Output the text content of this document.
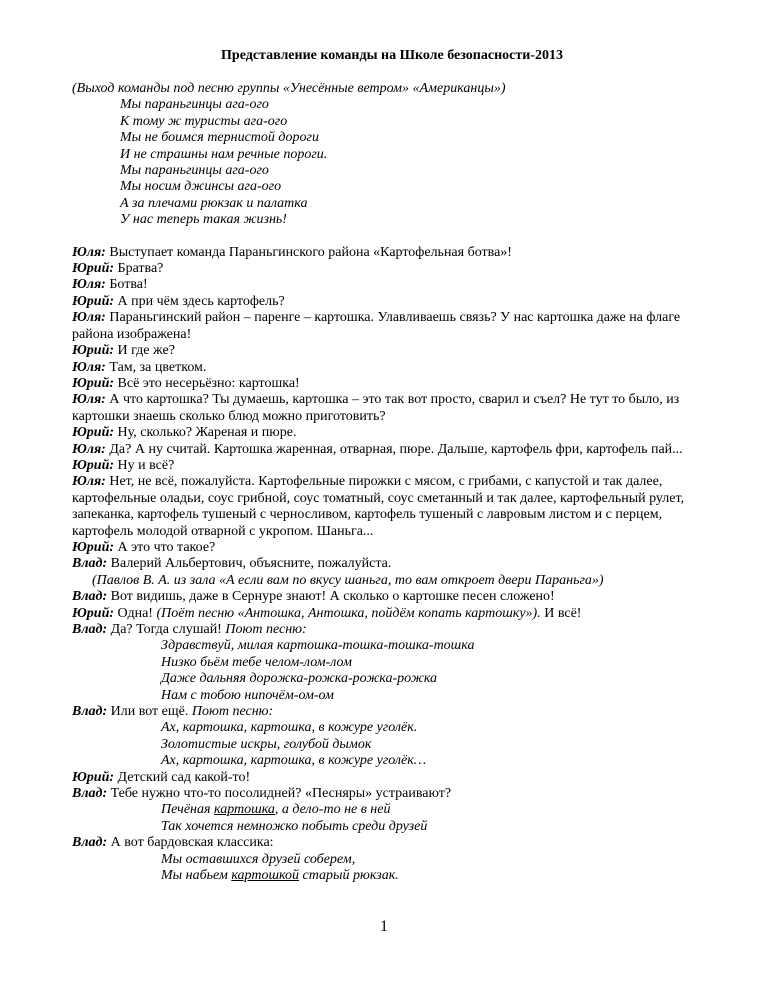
Представление команды на Школе безопасности-2013

(Выход команды под песню группы «Унесённые ветром» «Американцы»)

Мы параньгинцы ага-ого

К тому ж туристы ага-ого

Мы не боимся тернистой дороги

И не страшны нам речные пороги.

Мы параньгинцы ага-ого

Мы носим джинсы ага-ого

А за плечами рюкзак и палатка

У нас теперь такая жизнь!

Юля: Выступает команда Параньгинского района «Картофельная ботва»!

Юрий: Братва?

Юля: Ботва!

Юрий: А при чём здесь картофель?

Юля: Параньгинский район – паренге – картошка. Улавливаешь связь? У нас картошка даже на флаге района изображена!

Юрий: И где же?

Юля: Там, за цветком.

Юрий: Всё это несерьёзно: картошка!

Юля: А что картошка? Ты думаешь, картошка – это так вот просто, сварил и съел? Не тут то было, из картошки знаешь сколько блюд можно приготовить?

Юрий: Ну, сколько? Жареная и пюре.

Юля: Да? А ну считай. Картошка жаренная, отварная, пюре. Дальше, картофель фри, картофель пай...

Юрий: Ну и всё?

Юля: Нет, не всё, пожалуйста. Картофельные пирожки с мясом, с грибами, с капустой и так далее, картофельные оладьи, соус грибной, соус томатный, соус сметанный и так далее, картофельный рулет, запеканка, картофель тушеный с черносливом, картофель тушеный с лавровым листом и с перцем, картофель молодой отварной с укропом. Шаньга...

Юрий: А это что такое?

Влад: Валерий Альбертович, объясните, пожалуйста.

(Павлов В. А. из зала «А если вам по вкусу шаньга, то вам откроет двери Параньга»)

Влад: Вот видишь, даже в Сернуре знают! А сколько о картошке песен сложено!

Юрий: Одна! (Поёт песню «Антошка, Антошка, пойдём копать картошку»). И всё!

Влад: Да? Тогда слушай! Поют песню:

Здравствуй, милая картошка-тошка-тошка-тошка

Низко бьём тебе челом-лом-лом

Даже дальняя дорожка-рожка-рожка-рожка

Нам с тобою нипочём-ом-ом

Влад: Или вот ещё. Поют песню:

Ах, картошка, картошка, в кожуре уголёк.

Золотистые искры, голубой дымок

Ах, картошка, картошка, в кожуре уголёк…

Юрий: Детский сад какой-то!

Влад: Тебе нужно что-то посолидней? «Песняры» устраивают?

Печёная картошка, а дело-то не в ней

Так хочется немножко побыть среди друзей

Влад: А вот бардовская классика:

Мы оставшихся друзей соберем,

Мы набьем картошкой старый рюкзак.

1
